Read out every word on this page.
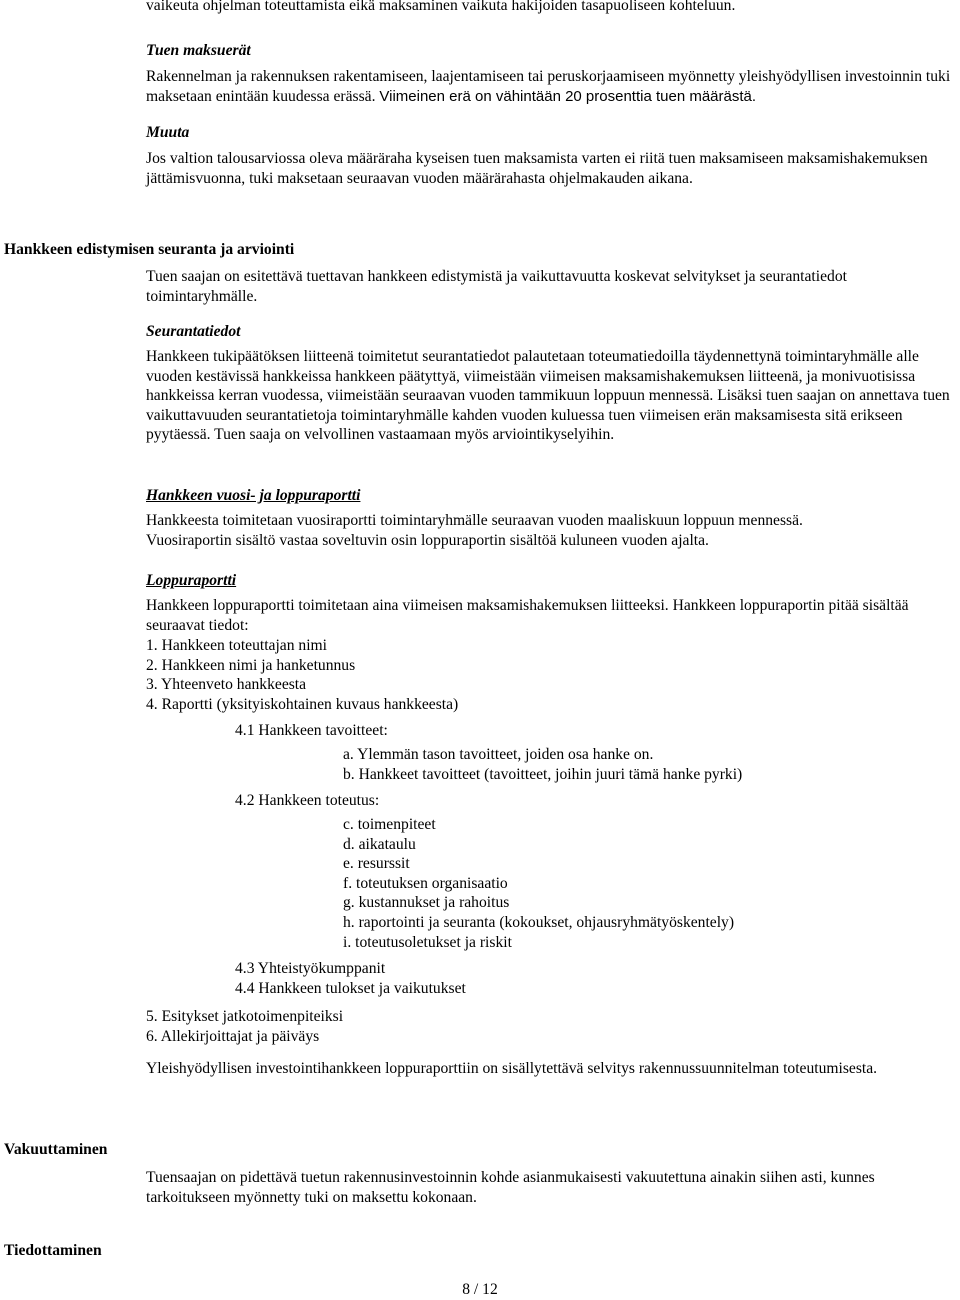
vaikeuta ohjelman toteuttamista eikä maksaminen vaikuta hakijoiden tasapuoliseen kohteluun.

Tuen maksuerät

Rakennelman ja rakennuksen rakentamiseen, laajentamiseen tai peruskorjaamiseen myönnetty yleishyödyllisen investoinnin tuki maksetaan enintään kuudessa erässä. Viimeinen erä on vähintään 20 prosenttia tuen määrästä.

Muuta

Jos valtion talousarviossa oleva määräraha kyseisen tuen maksamista varten ei riitä tuen maksamiseen maksamishakemuksen jättämisvuonna, tuki maksetaan seuraavan vuoden määrärahasta ohjelmakauden aikana.

Hankkeen edistymisen seuranta ja arviointi

Tuen saajan on esitettävä tuettavan hankkeen edistymistä ja vaikuttavuutta koskevat selvitykset ja seurantatiedot toimintaryhmälle.

Seurantatiedot

Hankkeen tukipäätöksen liitteenä toimitetut seurantatiedot palautetaan toteumatiedoilla täydennettynä toimintaryhmälle alle vuoden kestävissä hankkeissa hankkeen päätyttyä, viimeistään viimeisen maksamishakemuksen liitteenä, ja monivuotisissa hankkeissa kerran vuodessa, viimeistään seuraavan vuoden tammikuun loppuun mennessä. Lisäksi tuen saajan on annettava tuen vaikuttavuuden seurantatietoja toimintaryhmälle kahden vuoden kuluessa tuen viimeisen erän maksamisesta sitä erikseen pyytäessä. Tuen saaja on velvollinen vastaamaan myös arviointikyselyihin.

Hankkeen vuosi- ja loppuraportti

Hankkeesta toimitetaan vuosiraportti toimintaryhmälle seuraavan vuoden maaliskuun loppuun mennessä.

Vuosiraportin sisältö vastaa soveltuvin osin loppuraportin sisältöä kuluneen vuoden ajalta.

Loppuraportti

Hankkeen loppuraportti toimitetaan aina viimeisen maksamishakemuksen liitteeksi. Hankkeen loppuraportin pitää sisältää seuraavat tiedot:

1. Hankkeen toteuttajan nimi
2. Hankkeen nimi ja hanketunnus
3. Yhteenveto hankkeesta
4. Raportti (yksityiskohtainen kuvaus hankkeesta)
4.1 Hankkeen tavoitteet:
a. Ylemmän tason tavoitteet, joiden osa hanke on.
b. Hankkeet tavoitteet (tavoitteet, joihin juuri tämä hanke pyrki)
4.2 Hankkeen toteutus:
c. toimenpiteet
d. aikataulu
e. resurssit
f. toteutuksen organisaatio
g. kustannukset ja rahoitus
h. raportointi ja seuranta (kokoukset, ohjausryhmätyöskentely)
i. toteutusoletukset ja riskit
4.3 Yhteistyökumppanit
4.4 Hankkeen tulokset ja vaikutukset
5. Esitykset jatkotoimenpiteiksi
6. Allekirjoittajat ja päiväys

Yleishyödyllisen investointihankkeen loppuraporttiin on sisällytettävä selvitys rakennussuunnitelman toteutumisesta.

Vakuuttaminen

Tuensaajan on pidettävä tuetun rakennusinvestoinnin kohde asianmukaisesti vakuutettuna ainakin siihen asti, kunnes tarkoitukseen myönnetty tuki on maksettu kokonaan.

Tiedottaminen

8 / 12
